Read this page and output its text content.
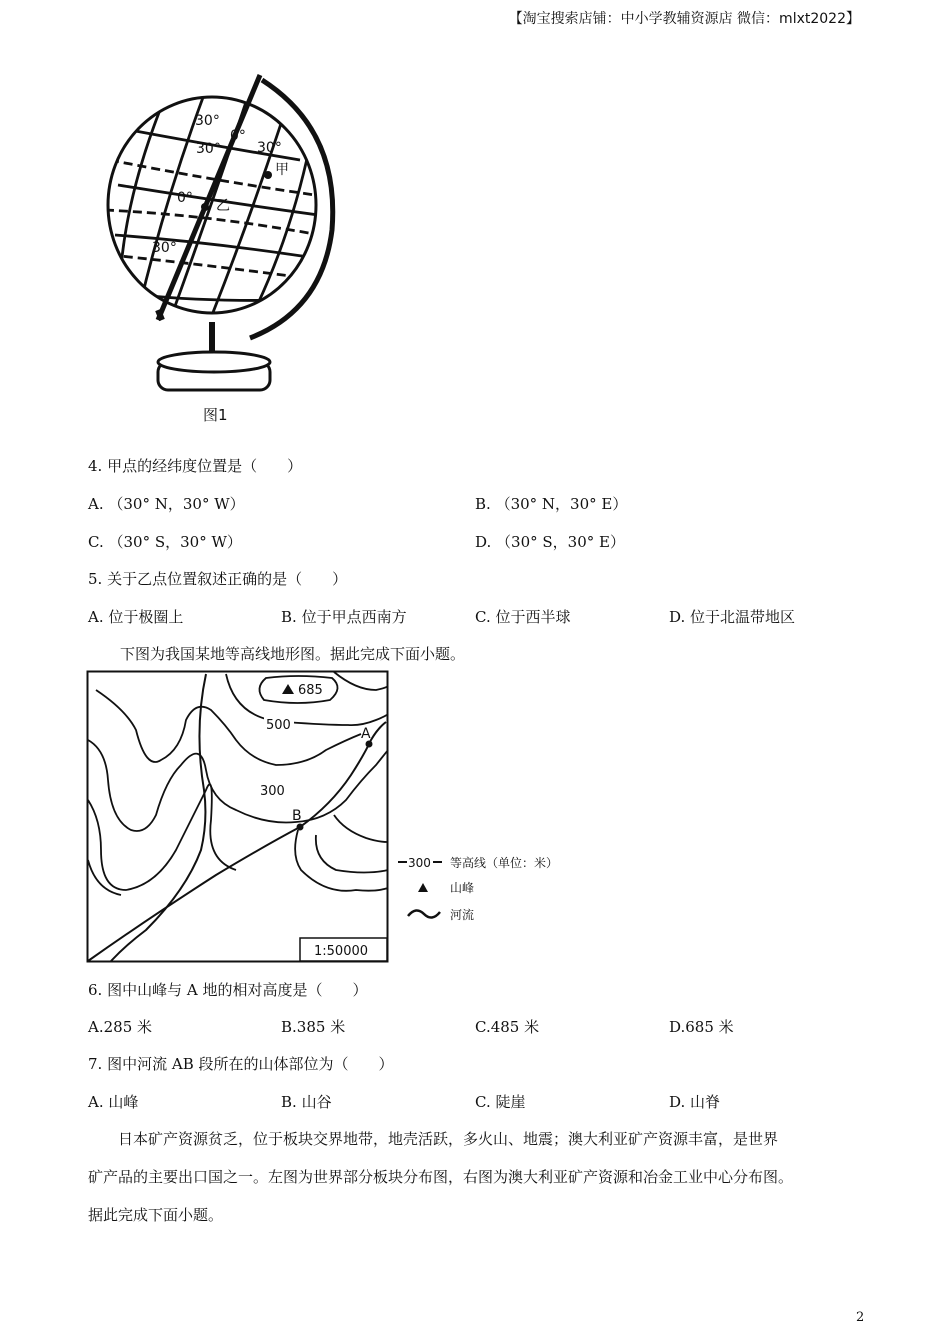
【淘宝搜索店铺：中小学教辅资源店 微信：mlxt2022】
30°
0°
30°	30°
甲
0° 乙
30°
图1
4. 甲点的经纬度位置是（　　）
A. （30° N，30° W）	B. （30° N，30° E）
C. （30° S，30° W）	D. （30° S，30° E）
5. 关于乙点位置叙述正确的是（　　）
A. 位于极圈上	B. 位于甲点西南方	C. 位于西半球	D. 位于北温带地区
下图为我国某地等高线地形图。据此完成下面小题。
685
500
300
A
B
1:50000
300 等高线（单位：米）
山峰
河流
6. 图中山峰与 A 地的相对高度是（　　）
A.285 米	B.385 米	C.485 米	D.685 米
7. 图中河流 AB 段所在的山体部位为（　　）
A. 山峰	B. 山谷	C. 陡崖	D. 山脊
日本矿产资源贫乏，位于板块交界地带，地壳活跃，多火山、地震；澳大利亚矿产资源丰富，是世界
矿产品的主要出口国之一。左图为世界部分板块分布图，右图为澳大利亚矿产资源和冶金工业中心分布图。
据此完成下面小题。
2
